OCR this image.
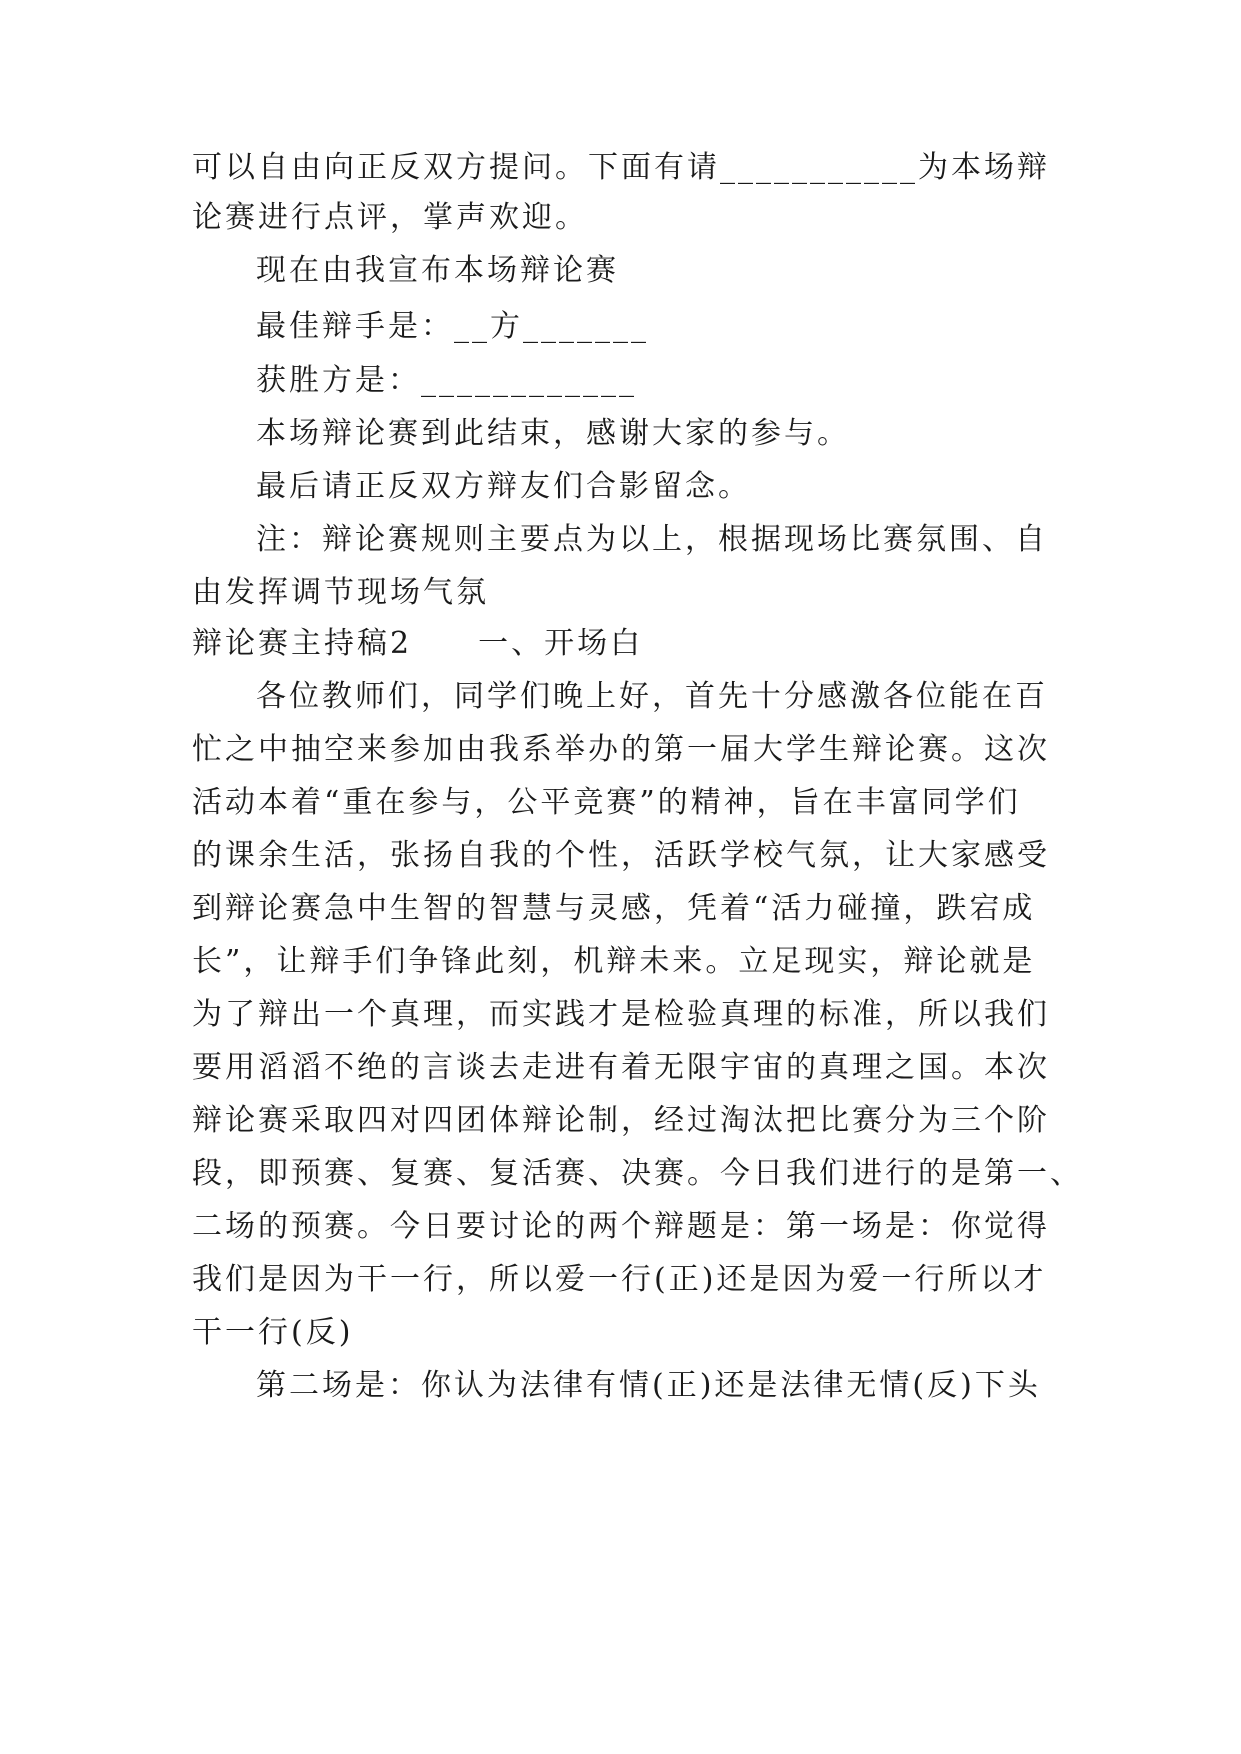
可以自由向正反双方提问。下面有请___________为本场辩
论赛进行点评，掌声欢迎。
现在由我宣布本场辩论赛
最佳辩手是：__方_______
获胜方是：____________
本场辩论赛到此结束，感谢大家的参与。
最后请正反双方辩友们合影留念。
注：辩论赛规则主要点为以上，根据现场比赛氛围、自
由发挥调节现场气氛
辩论赛主持稿2　　一、开场白
各位教师们，同学们晚上好，首先十分感激各位能在百
忙之中抽空来参加由我系举办的第一届大学生辩论赛。这次
活动本着“重在参与，公平竞赛”的精神，旨在丰富同学们
的课余生活，张扬自我的个性，活跃学校气氛，让大家感受
到辩论赛急中生智的智慧与灵感，凭着“活力碰撞，跌宕成
长”，让辩手们争锋此刻，机辩未来。立足现实，辩论就是
为了辩出一个真理，而实践才是检验真理的标准，所以我们
要用滔滔不绝的言谈去走进有着无限宇宙的真理之国。本次
辩论赛采取四对四团体辩论制，经过淘汰把比赛分为三个阶
段，即预赛、复赛、复活赛、决赛。今日我们进行的是第一、
二场的预赛。今日要讨论的两个辩题是：第一场是：你觉得
我们是因为干一行，所以爱一行(正)还是因为爱一行所以才
干一行(反)
第二场是：你认为法律有情(正)还是法律无情(反)下头
